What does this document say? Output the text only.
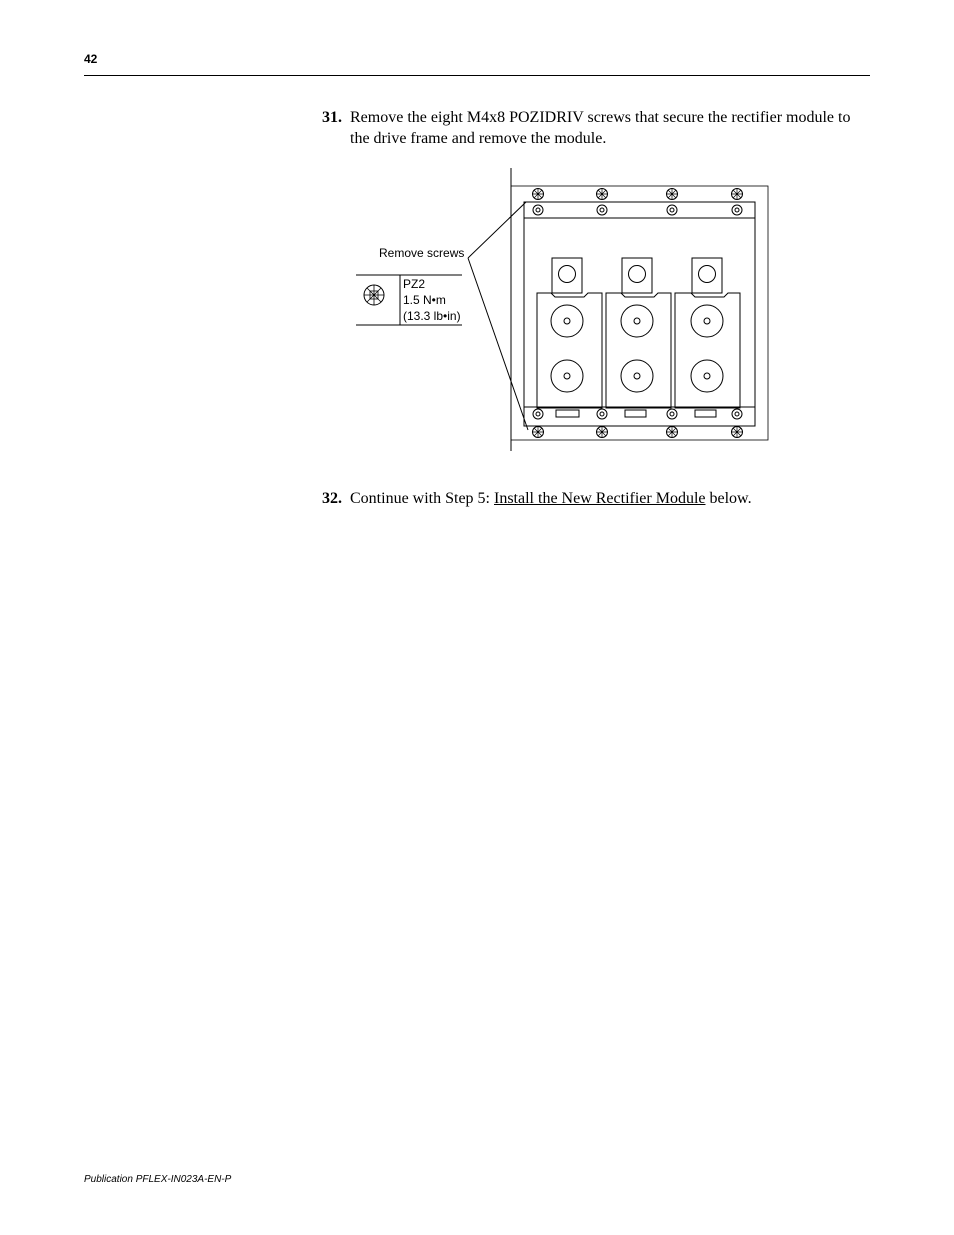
42
31. Remove the eight M4x8 POZIDRIV screws that secure the rectifier module to the drive frame and remove the module.
Remove screws
PZ2
1.5 N•m
(13.3 lb•in)
32. Continue with Step 5: Install the New Rectifier Module below.
Publication PFLEX-IN023A-EN-P
